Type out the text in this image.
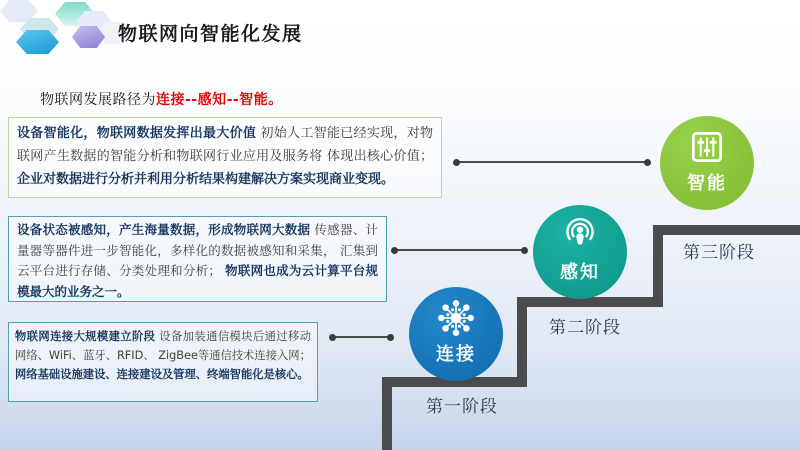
物联网向智能化发展
物联网发展路径为连接--感知--智能。
设备智能化，物联网数据发挥出最大价值 初始人工智能已经实现，对物联网产生数据的智能分析和物联网行业应用及服务将 体现出核心价值； 企业对数据进行分析并利用分析结果构建解决方案实现商业变现。
设备状态被感知，产生海量数据，形成物联网大数据 传感器、计量器等器件进一步智能化，多样化的数据被感知和采集， 汇集到云平台进行存储、分类处理和分析； 物联网也成为云计算平台规模最大的业务之一。
物联网连接大规模建立阶段 设备加装通信模块后通过移动网络、WiFi、蓝牙、RFID、 ZigBee等通信技术连接入网；
网络基础设施建设、连接建设及管理、终端智能化是核心。
连接
感知
智能
第一阶段
第二阶段
第三阶段
